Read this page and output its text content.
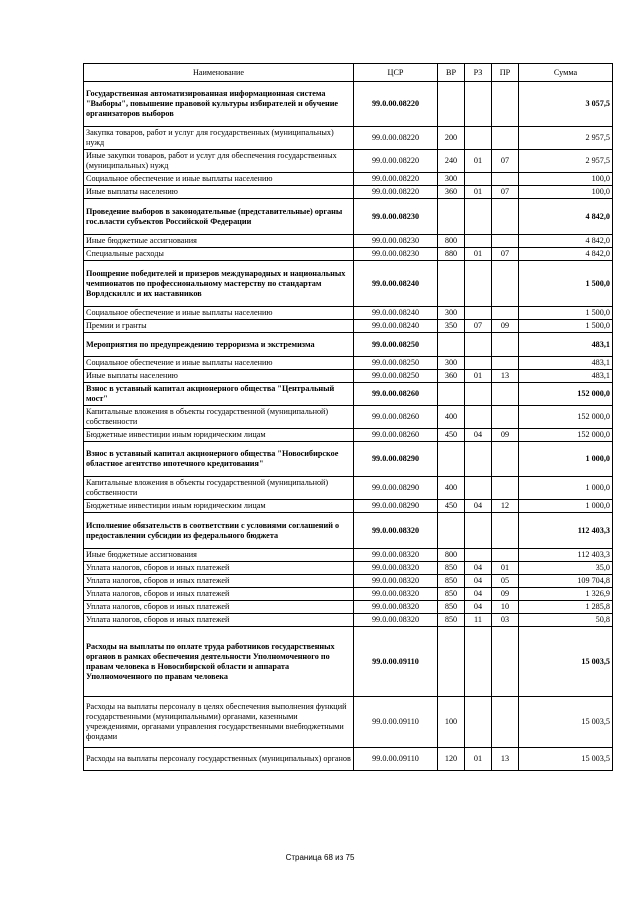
Наименование	ЦСР	ВР	РЗ	ПР	Сумма
Государственная автоматизированная информационная система "Выборы", повышение правовой культуры избирателей и обучение организаторов выборов	99.0.00.08220				3 057,5
Закупка товаров, работ и услуг для государственных (муниципальных) нужд	99.0.00.08220	200			2 957,5
Иные закупки товаров, работ и услуг для обеспечения государственных (муниципальных) нужд	99.0.00.08220	240	01	07	2 957,5
Социальное обеспечение и иные выплаты населению	99.0.00.08220	300			100,0
Иные выплаты населению	99.0.00.08220	360	01	07	100,0
Проведение выборов в законодательные (представительные) органы гос.власти субъектов Российской Федерации	99.0.00.08230				4 842,0
Иные бюджетные ассигнования	99.0.00.08230	800			4 842,0
Специальные расходы	99.0.00.08230	880	01	07	4 842,0
Поощрение победителей и призеров международных и национальных чемпионатов по профессиональному мастерству по стандартам Ворлдскиллс и их наставников	99.0.00.08240				1 500,0
Социальное обеспечение и иные выплаты населению	99.0.00.08240	300			1 500,0
Премии и гранты	99.0.00.08240	350	07	09	1 500,0
Мероприятия по предупреждению терроризма и экстремизма	99.0.00.08250				483,1
Социальное обеспечение и иные выплаты населению	99.0.00.08250	300			483,1
Иные выплаты населению	99.0.00.08250	360	01	13	483,1
Взнос в уставный капитал акционерного общества "Центральный мост"	99.0.00.08260				152 000,0
Капитальные вложения в объекты государственной (муниципальной) собственности	99.0.00.08260	400			152 000,0
Бюджетные инвестиции иным юридическим лицам	99.0.00.08260	450	04	09	152 000,0
Взнос в уставный капитал акционерного общества "Новосибирское областное агентство ипотечного кредитования"	99.0.00.08290				1 000,0
Капитальные вложения в объекты государственной (муниципальной) собственности	99.0.00.08290	400			1 000,0
Бюджетные инвестиции иным юридическим лицам	99.0.00.08290	450	04	12	1 000,0
Исполнение обязательств в соответствии с условиями соглашений о предоставлении субсидии из федерального бюджета	99.0.00.08320				112 403,3
Иные бюджетные ассигнования	99.0.00.08320	800			112 403,3
Уплата налогов, сборов и иных платежей	99.0.00.08320	850	04	01	35,0
Уплата налогов, сборов и иных платежей	99.0.00.08320	850	04	05	109 704,8
Уплата налогов, сборов и иных платежей	99.0.00.08320	850	04	09	1 326,9
Уплата налогов, сборов и иных платежей	99.0.00.08320	850	04	10	1 285,8
Уплата налогов, сборов и иных платежей	99.0.00.08320	850	11	03	50,8
Расходы на выплаты по оплате труда работников государственных органов в рамках обеспечения деятельности Уполномоченного по правам человека в Новосибирской области и аппарата Уполномоченного по правам человека	99.0.00.09110				15 003,5
Расходы на выплаты персоналу в целях обеспечения выполнения функций государственными (муниципальными) органами, казенными учреждениями, органами управления государственными внебюджетными фондами	99.0.00.09110	100			15 003,5
Расходы на выплаты персоналу государственных (муниципальных) органов	99.0.00.09110	120	01	13	15 003,5
Страница 68 из 75
